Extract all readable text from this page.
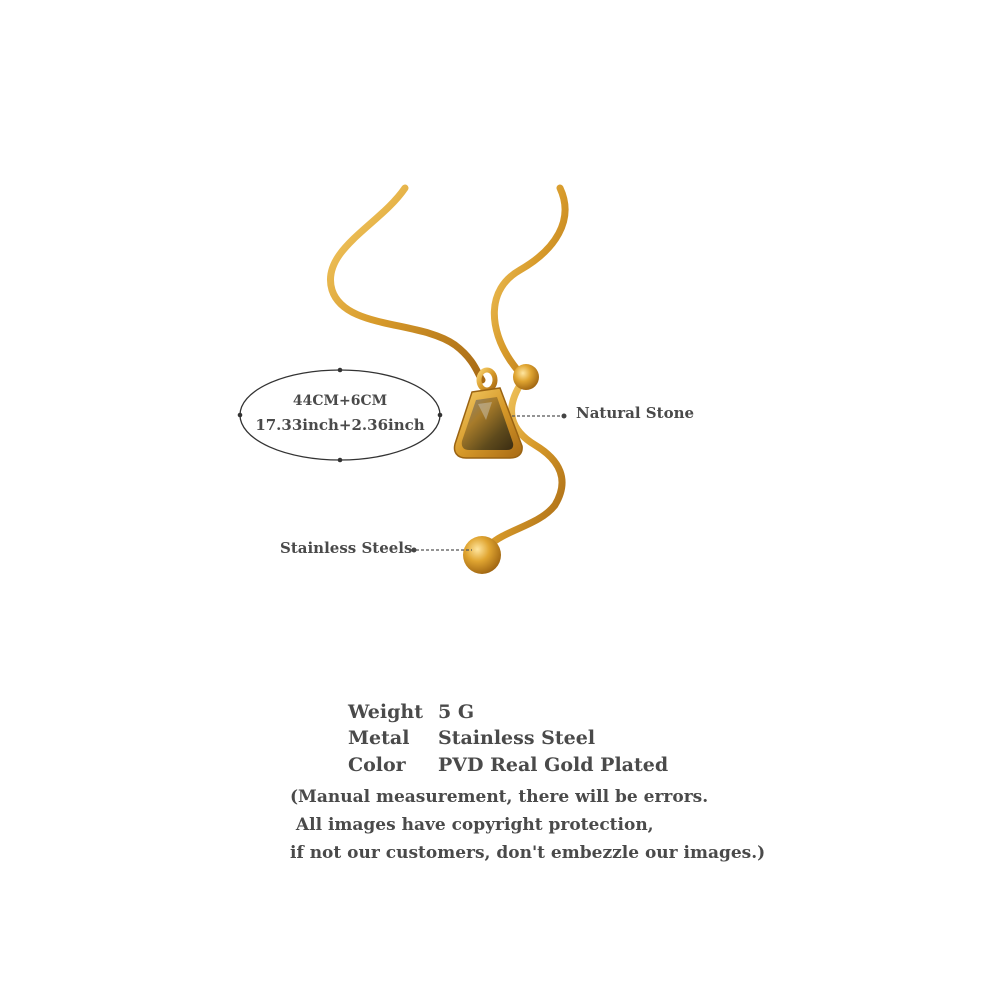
44CM+6CM
17.33inch+2.36inch
Natural Stone
Stainless Steels
Weight 5 G
Metal Stainless Steel
Color PVD Real Gold Plated
(Manual measurement, there will be errors.
All images have copyright protection,
if not our customers, don't embezzle our images.)
